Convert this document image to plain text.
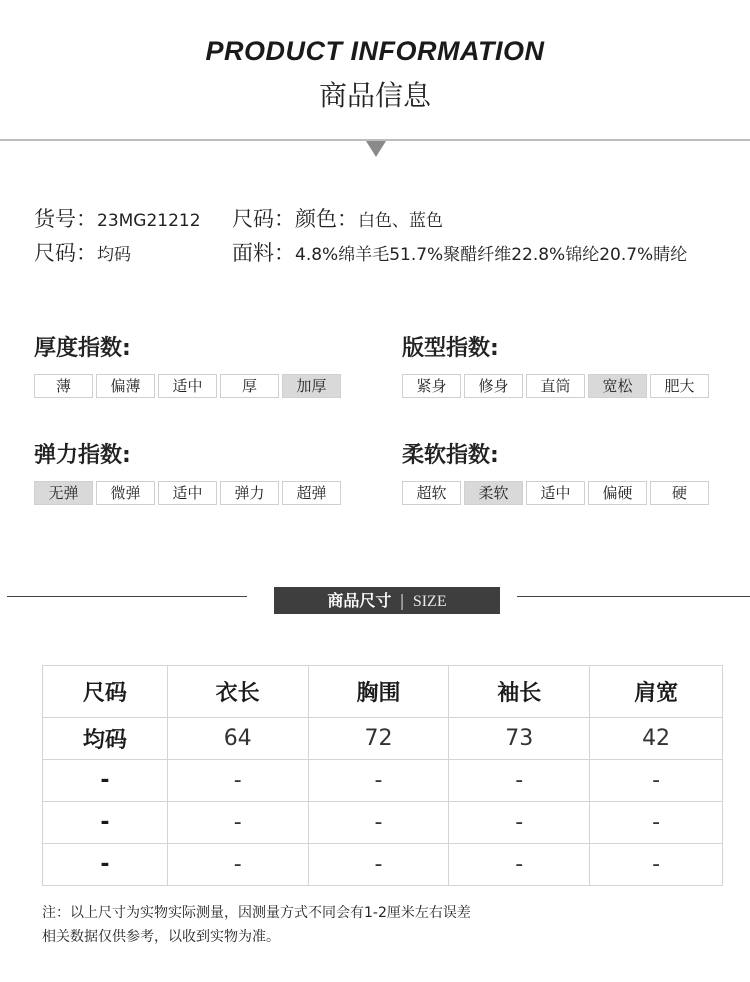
PRODUCT INFORMATION
商品信息
货号：23MG21212 尺码：颜色：白色、蓝色
尺码：均码	面料：4.8%绵羊毛51.7%聚醋纤维22.8%锦纶20.7%睛纶
厚度指数:
薄	偏薄	适中	厚	加厚
版型指数:
紧身	修身	直筒	宽松	肥大
弹力指数:
无弹	微弹	适中	弹力	超弹
柔软指数:
超软	柔软	适中	偏硬	硬
商品尺寸 | SIZE
尺码	衣长	胸围	袖长	肩宽
均码	64	72	73	42
-	-	-	-	-
-	-	-	-	-
-	-	-	-	-
注：以上尺寸为实物实际测量，因测量方式不同会有1-2厘米左右误差
相关数据仅供参考，以收到实物为准。
